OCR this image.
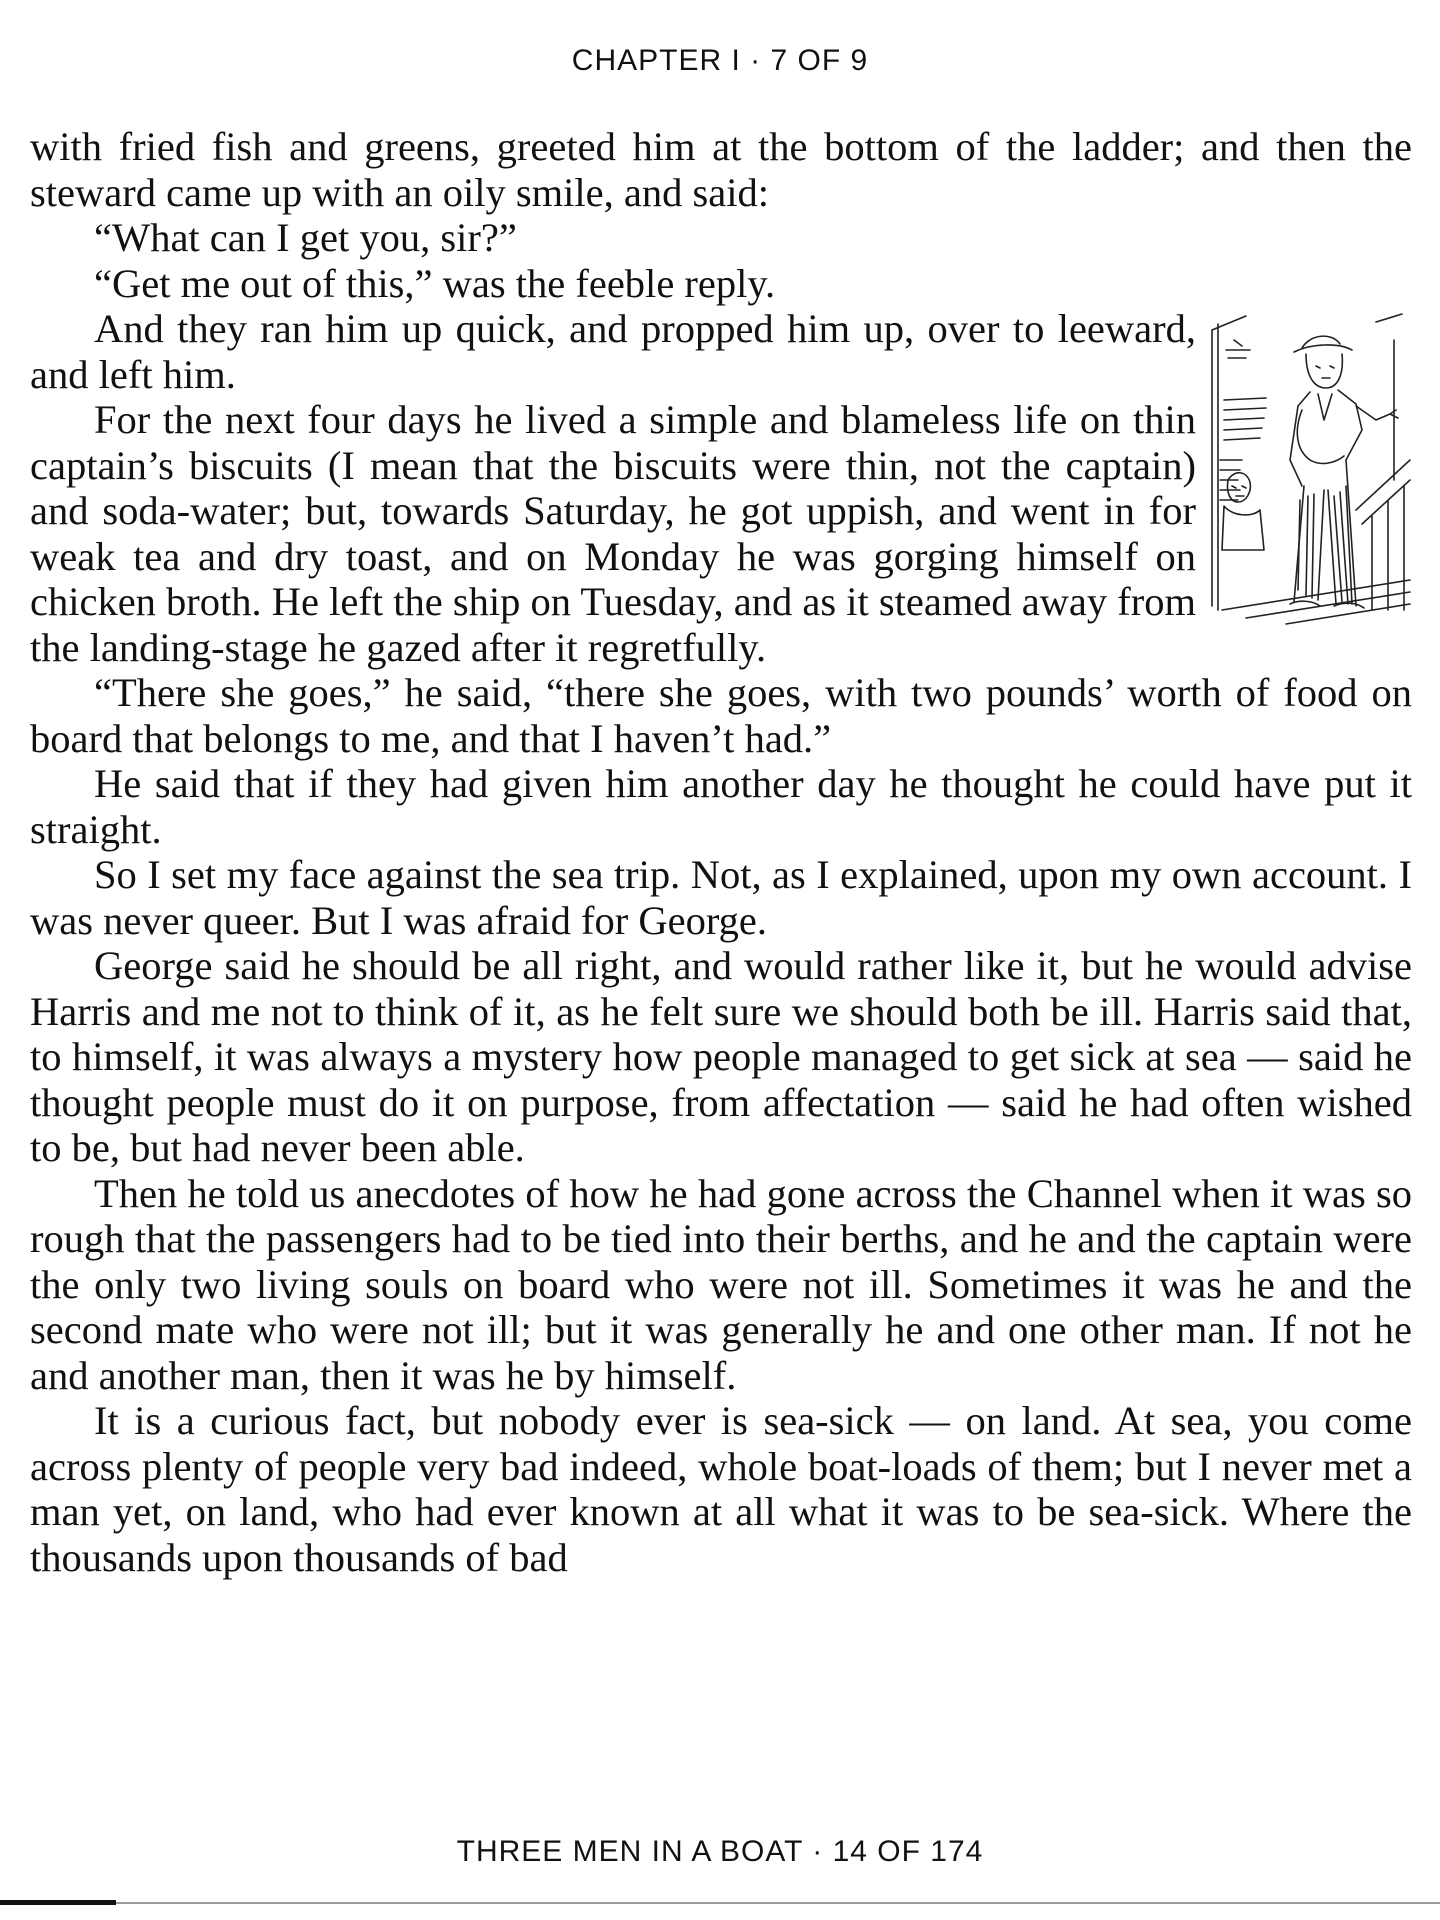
CHAPTER I · 7 OF 9

with fried fish and greens, greeted him at the bottom of the ladder; and then the steward came up with an oily smile, and said:

“What can I get you, sir?”

“Get me out of this,” was the feeble reply.

And they ran him up quick, and propped him up, over to leeward, and left him.

For the next four days he lived a simple and blameless life on thin captain’s biscuits (I mean that the biscuits were thin, not the captain) and soda-water; but, towards Saturday, he got uppish, and went in for weak tea and dry toast, and on Monday he was gorging himself on chicken broth. He left the ship on Tuesday, and as it steamed away from the landing-stage he gazed after it regretfully.

“There she goes,” he said, “there she goes, with two pounds’ worth of food on board that belongs to me, and that I haven’t had.”

He said that if they had given him another day he thought he could have put it straight.

So I set my face against the sea trip. Not, as I explained, upon my own account. I was never queer. But I was afraid for George.

George said he should be all right, and would rather like it, but he would advise Harris and me not to think of it, as he felt sure we should both be ill. Harris said that, to himself, it was always a mystery how people managed to get sick at sea — said he thought people must do it on purpose, from affectation — said he had often wished to be, but had never been able.

Then he told us anecdotes of how he had gone across the Channel when it was so rough that the passengers had to be tied into their berths, and he and the captain were the only two living souls on board who were not ill. Sometimes it was he and the second mate who were not ill; but it was generally he and one other man. If not he and another man, then it was he by himself.

It is a curious fact, but nobody ever is sea-sick — on land. At sea, you come across plenty of people very bad indeed, whole boat-loads of them; but I never met a man yet, on land, who had ever known at all what it was to be sea-sick. Where the thousands upon thousands of bad

THREE MEN IN A BOAT · 14 OF 174
